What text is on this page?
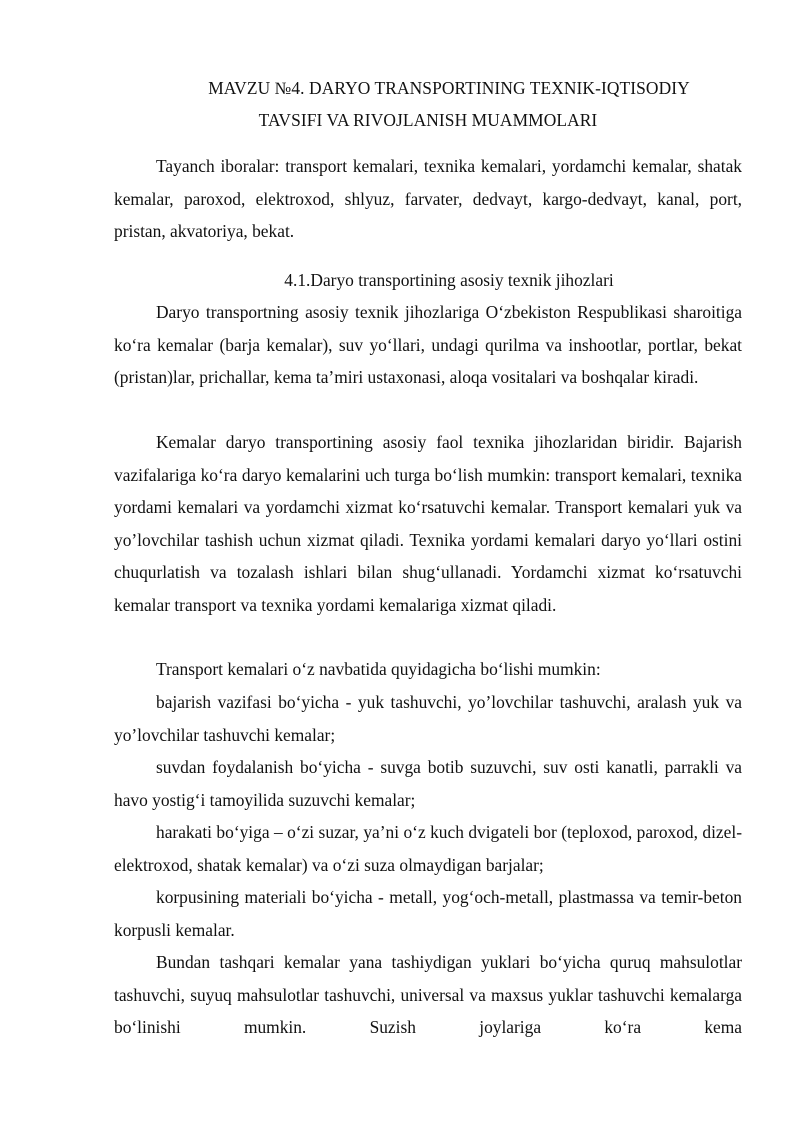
MAVZU №4. DARYO TRANSPORTINING TEXNIK-IQTISODIY
TAVSIFI VA RIVOJLANISH MUAMMOLARI

Tayanch iboralar: transport kemalari, texnika kemalari, yordamchi kemalar, shatak kemalar, paroxod, elektroxod, shlyuz, farvater, dedvayt, kargo-dedvayt, kanal, port, pristan, akvatoriya, bekat.

4.1.Daryo transportining asosiy texnik jihozlari

Daryo transportning asosiy texnik jihozlariga O‘zbekiston Respublikasi sharoitiga ko‘ra kemalar (barja kemalar), suv yo‘llari, undagi qurilma va inshootlar, portlar, bekat (pristan)lar, prichallar, kema ta’miri ustaxonasi, aloqa vositalari va boshqalar kiradi.

Kemalar daryo transportining asosiy faol texnika jihozlaridan biridir. Bajarish vazifalariga ko‘ra daryo kemalarini uch turga bo‘lish mumkin: transport kemalari, texnika yordami kemalari va yordamchi xizmat ko‘rsatuvchi kemalar. Transport kemalari yuk va yo’lovchilar tashish uchun xizmat qiladi. Texnika yordami kemalari daryo yo‘llari ostini chuqurlatish va tozalash ishlari bilan shug‘ullanadi. Yordamchi xizmat ko‘rsatuvchi kemalar transport va texnika yordami kemalariga xizmat qiladi.

Transport kemalari o‘z navbatida quyidagicha bo‘lishi mumkin:

bajarish vazifasi bo‘yicha - yuk tashuvchi, yo’lovchilar tashuvchi, aralash yuk va yo’lovchilar tashuvchi kemalar;

suvdan foydalanish bo‘yicha - suvga botib suzuvchi, suv osti kanatli, parrakli va havo yostig‘i tamoyilida suzuvchi kemalar;

harakati bo‘yiga – o‘zi suzar, ya’ni o‘z kuch dvigateli bor (teploxod, paroxod, dizel-elektroxod, shatak kemalar) va o‘zi suza olmaydigan barjalar;

korpusining materiali bo‘yicha - metall, yog‘och-metall, plastmassa va temir-beton korpusli kemalar.

Bundan tashqari kemalar yana tashiydigan yuklari bo‘yicha quruq mahsulotlar tashuvchi, suyuq mahsulotlar tashuvchi, universal va maxsus yuklar tashuvchi kemalarga bo‘linishi mumkin. Suzish joylariga ko‘ra kema
